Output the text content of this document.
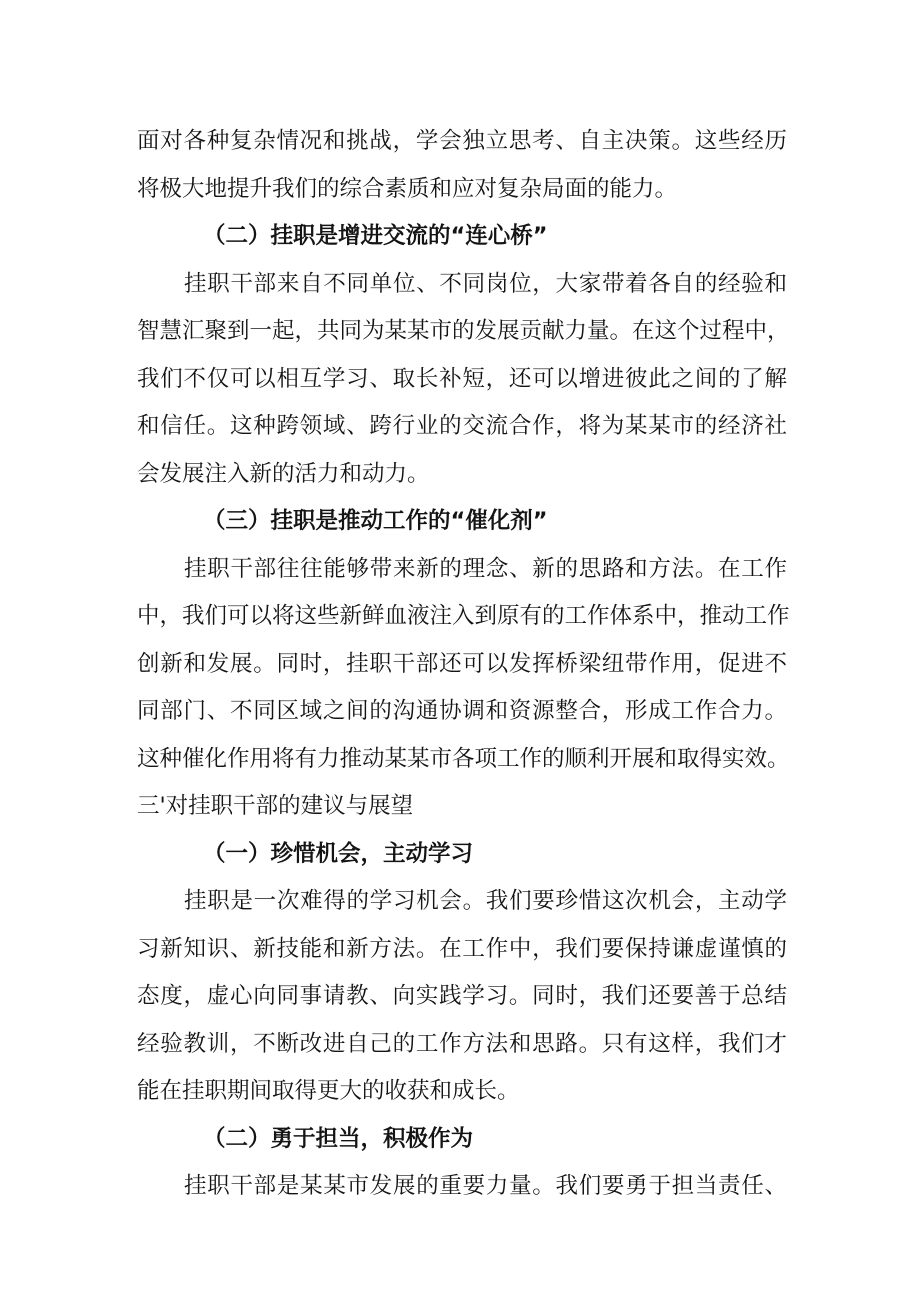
面对各种复杂情况和挑战，学会独立思考、自主决策。这些经历
将极大地提升我们的综合素质和应对复杂局面的能力。
（二）挂职是增进交流的“连心桥”
挂职干部来自不同单位、不同岗位，大家带着各自的经验和
智慧汇聚到一起，共同为某某市的发展贡献力量。在这个过程中，
我们不仅可以相互学习、取长补短，还可以增进彼此之间的了解
和信任。这种跨领域、跨行业的交流合作，将为某某市的经济社
会发展注入新的活力和动力。
（三）挂职是推动工作的“催化剂”
挂职干部往往能够带来新的理念、新的思路和方法。在工作
中，我们可以将这些新鲜血液注入到原有的工作体系中，推动工作
创新和发展。同时，挂职干部还可以发挥桥梁纽带作用，促进不
同部门、不同区域之间的沟通协调和资源整合，形成工作合力。
这种催化作用将有力推动某某市各项工作的顺利开展和取得实效。
三'对挂职干部的建议与展望
（一）珍惜机会，主动学习
挂职是一次难得的学习机会。我们要珍惜这次机会，主动学
习新知识、新技能和新方法。在工作中，我们要保持谦虚谨慎的
态度，虚心向同事请教、向实践学习。同时，我们还要善于总结
经验教训，不断改进自己的工作方法和思路。只有这样，我们才
能在挂职期间取得更大的收获和成长。
（二）勇于担当，积极作为
挂职干部是某某市发展的重要力量。我们要勇于担当责任、
